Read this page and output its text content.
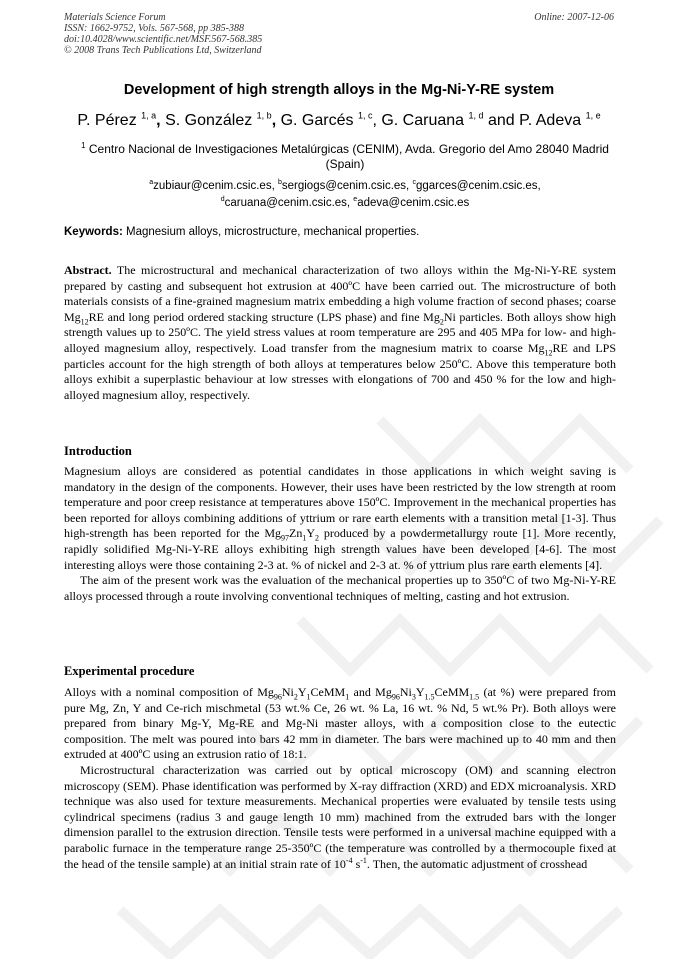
Materials Science Forum
ISSN: 1662-9752, Vols. 567-568, pp 385-388
doi:10.4028/www.scientific.net/MSF.567-568.385
© 2008 Trans Tech Publications Ltd, Switzerland
Online: 2007-12-06
Development of high strength alloys in the Mg-Ni-Y-RE system
P. Pérez $^{1, a}$, S. González $^{1, b}$, G. Garcés $^{1, c}$, G. Caruana $^{1, d}$ and P. Adeva $^{1, e}$
$^1$ Centro Nacional de Investigaciones Metalúrgicas (CENIM), Avda. Gregorio del Amo 28040 Madrid (Spain)
$^a$zubiaur@cenim.csic.es, $^b$sergiogs@cenim.csic.es, $^c$ggarces@cenim.csic.es,
$^d$caruana@cenim.csic.es, $^e$adeva@cenim.csic.es
Keywords: Magnesium alloys, microstructure, mechanical properties.

Abstract. The microstructural and mechanical characterization of two alloys within the Mg-Ni-Y-RE system prepared by casting and subsequent hot extrusion at 400ºC have been carried out. The microstructure of both materials consists of a fine-grained magnesium matrix embedding a high volume fraction of second phases; coarse $Mg_{12}RE$ and long period ordered stacking structure (LPS phase) and fine $Mg_2Ni$ particles. Both alloys show high strength values up to 250ºC. The yield stress values at room temperature are 295 and 405 MPa for low- and high-alloyed magnesium alloy, respectively. Load transfer from the magnesium matrix to coarse $Mg_{12}RE$ and LPS particles account for the high strength of both alloys at temperatures below 250ºC. Above this temperature both alloys exhibit a superplastic behaviour at low stresses with elongations of 700 and 450 % for the low and high-alloyed magnesium alloy, respectively.

Introduction

Magnesium alloys are considered as potential candidates in those applications in which weight saving is mandatory in the design of the components. However, their uses have been restricted by the low strength at room temperature and poor creep resistance at temperatures above 150ºC. Improvement in the mechanical properties has been reported for alloys combining additions of yttrium or rare earth elements with a transition metal [1-3]. Thus high-strength has been reported for the $Mg_{97}Zn_1Y_2$ produced by a powdermetallurgy route [1]. More recently, rapidly solidified Mg-Ni-Y-RE alloys exhibiting high strength values have been developed [4-6]. The most interesting alloys were those containing 2-3 at. % of nickel and 2-3 at. % of yttrium plus rare earth elements [4].

The aim of the present work was the evaluation of the mechanical properties up to 350ºC of two Mg-Ni-Y-RE alloys processed through a route involving conventional techniques of melting, casting and hot extrusion.

Experimental procedure

Alloys with a nominal composition of $Mg_{96}Ni_2Y_1CeMM_1$ and $Mg_{96}Ni_3Y_{1.5}CeMM_{1.5}$ (at %) were prepared from pure Mg, Zn, Y and Ce-rich mischmetal (53 wt.% Ce, 26 wt. % La, 16 wt. % Nd, 5 wt.% Pr). Both alloys were prepared from binary Mg-Y, Mg-RE and Mg-Ni master alloys, with a composition close to the eutectic composition. The melt was poured into bars 42 mm in diameter. The bars were machined up to 40 mm and then extruded at 400ºC using an extrusion ratio of 18:1.

Microstructural characterization was carried out by optical microscopy (OM) and scanning electron microscopy (SEM). Phase identification was performed by X-ray diffraction (XRD) and EDX microanalysis. XRD technique was also used for texture measurements. Mechanical properties were evaluated by tensile tests using cylindrical specimens (radius 3 and gauge length 10 mm) machined from the extruded bars with the longer dimension parallel to the extrusion direction. Tensile tests were performed in a universal machine equipped with a parabolic furnace in the temperature range 25-350ºC (the temperature was controlled by a thermocouple fixed at the head of the tensile sample) at an initial strain rate of $10^{-4}$ $s^{-1}$. Then, the automatic adjustment of crosshead
